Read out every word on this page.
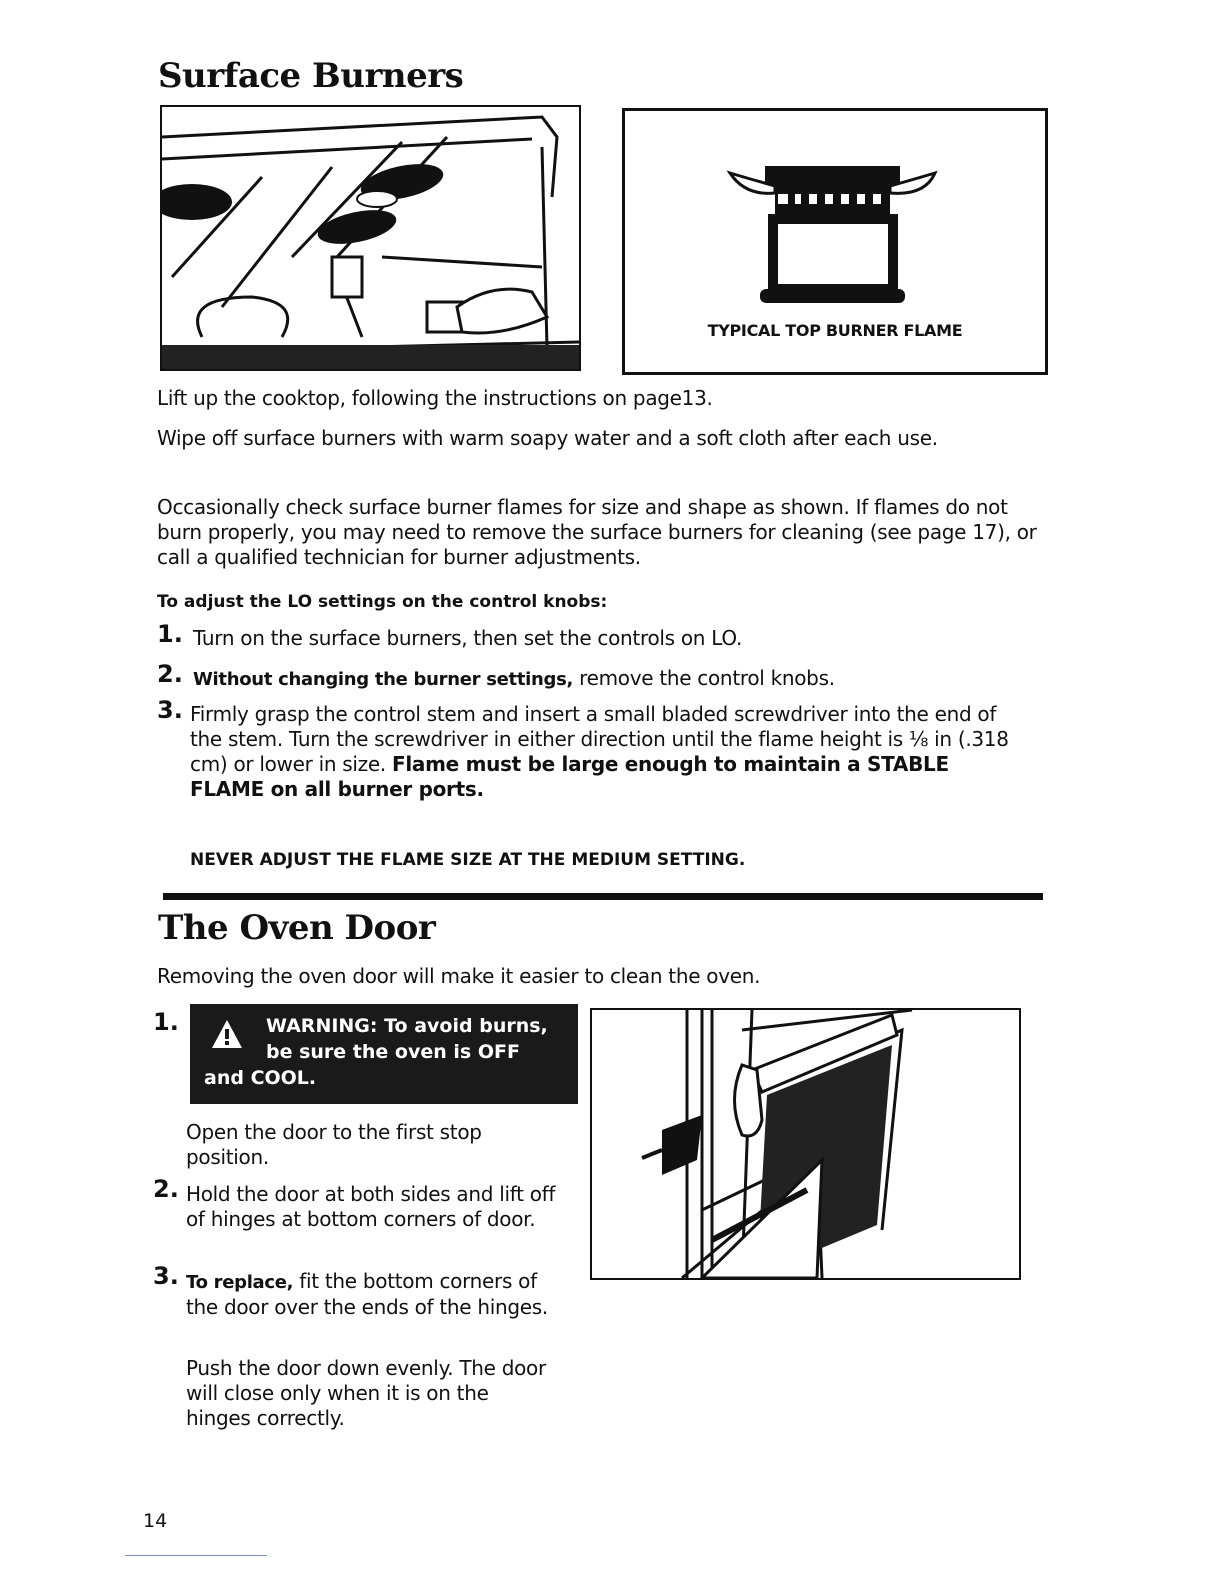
Surface Burners
TYPICAL TOP BURNER FLAME
Lift up the cooktop, following the instructions on page13.
Wipe off surface burners with warm soapy water and a soft cloth after each use.
Occasionally check surface burner flames for size and shape as shown. If flames do not burn properly, you may need to remove the surface burners for cleaning (see page 17), or call a qualified technician for burner adjustments.
To adjust the LO settings on the control knobs:
1. Turn on the surface burners, then set the controls on LO.
2. Without changing the burner settings, remove the control knobs.
3. Firmly grasp the control stem and insert a small bladed screwdriver into the end of the stem. Turn the screwdriver in either direction until the flame height is ⅛ in (.318 cm) or lower in size. Flame must be large enough to maintain a STABLE FLAME on all burner ports.
NEVER ADJUST THE FLAME SIZE AT THE MEDIUM SETTING.
The Oven Door
Removing the oven door will make it easier to clean the oven.
1.	WARNING: To avoid burns,
be sure the oven is OFF
and COOL.
Open the door to the first stop position.
2. Hold the door at both sides and lift off of hinges at bottom corners of door.
3. To replace, fit the bottom corners of the door over the ends of the hinges.
Push the door down evenly. The door will close only when it is on the hinges correctly.
14
